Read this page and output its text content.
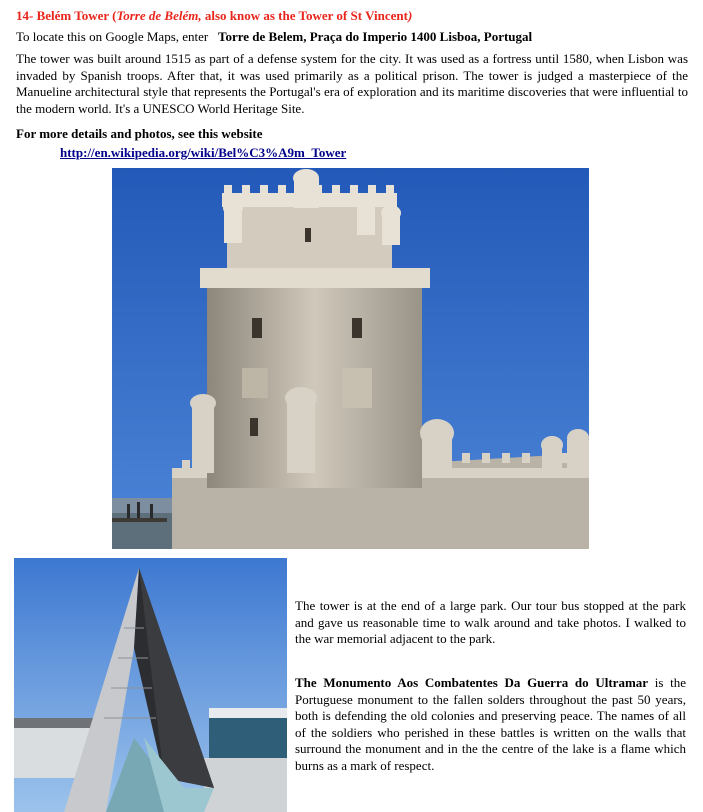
14- Belém Tower (Torre de Belém, also know as the Tower of St Vincent)
To locate this on Google Maps, enter Torre de Belem, Praça do Imperio 1400 Lisboa, Portugal
The tower was built around 1515 as part of a defense system for the city. It was used as a fortress until 1580, when Lisbon was invaded by Spanish troops. After that, it was used primarily as a political prison. The tower is judged a masterpiece of the Manueline architectural style that represents the Portugal's era of exploration and its maritime discoveries that were influential to the modern world. It's a UNESCO World Heritage Site.
For more details and photos, see this website
http://en.wikipedia.org/wiki/Bel%C3%A9m_Tower
The tower is at the end of a large park. Our tour bus stopped at the park and gave us reasonable time to walk around and take photos. I walked to the war memorial adjacent to the park.
The Monumento Aos Combatentes Da Guerra do Ultramar is the Portuguese monument to the fallen solders throughout the past 50 years, both is defending the old colonies and preserving peace. The names of all of the soldiers who perished in these battles is written on the walls that surround the monument and in the the centre of the lake is a flame which burns as a mark of respect.
